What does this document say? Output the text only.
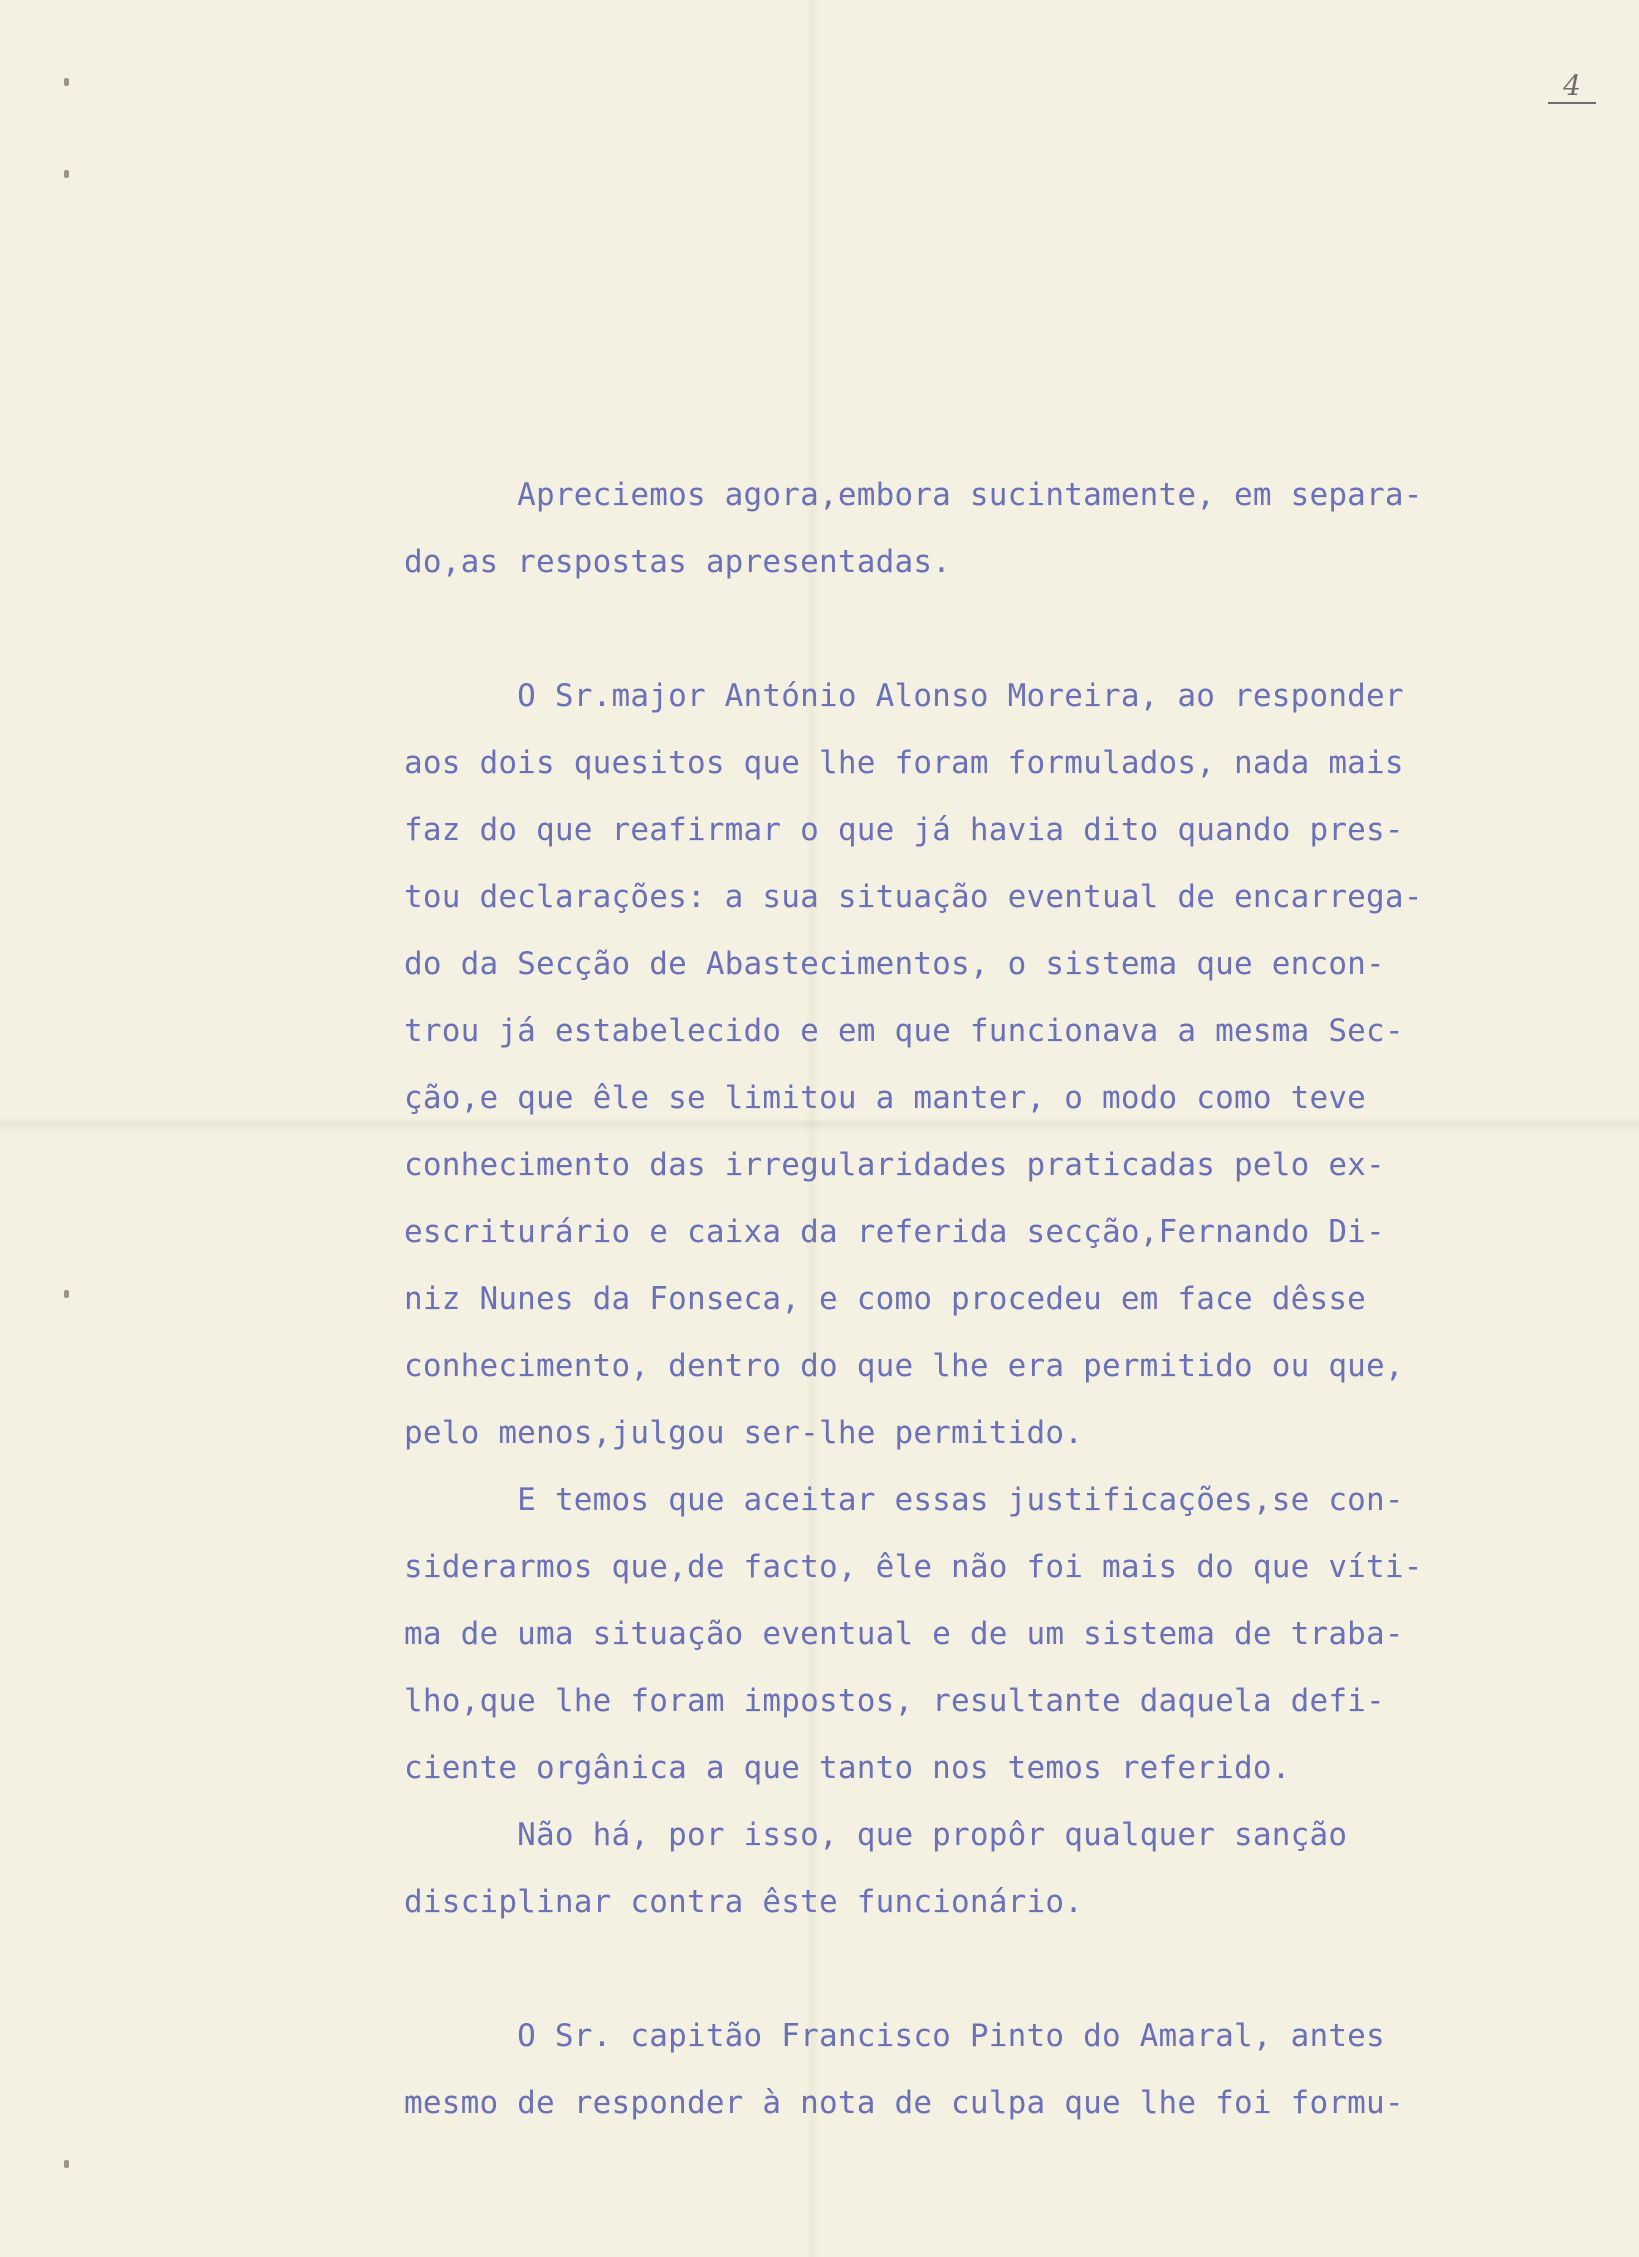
4
Apreciemos agora,embora sucintamente, em separa-
do,as respostas apresentadas.
O Sr.major António Alonso Moreira, ao responder
aos dois quesitos que lhe foram formulados, nada mais
faz do que reafirmar o que já havia dito quando pres-
tou declarações: a sua situação eventual de encarrega-
do da Secção de Abastecimentos, o sistema que encon-
trou já estabelecido e em que funcionava a mesma Sec-
ção,e que êle se limitou a manter, o modo como teve
conhecimento das irregularidades praticadas pelo ex-
escriturário e caixa da referida secção,Fernando Di-
niz Nunes da Fonseca, e como procedeu em face dêsse
conhecimento, dentro do que lhe era permitido ou que,
pelo menos,julgou ser-lhe permitido.
E temos que aceitar essas justificações,se con-
siderarmos que,de facto, êle não foi mais do que víti-
ma de uma situação eventual e de um sistema de traba-
lho,que lhe foram impostos, resultante daquela defi-
ciente orgânica a que tanto nos temos referido.
Não há, por isso, que propôr qualquer sanção
disciplinar contra êste funcionário.
O Sr. capitão Francisco Pinto do Amaral, antes
mesmo de responder à nota de culpa que lhe foi formu-
